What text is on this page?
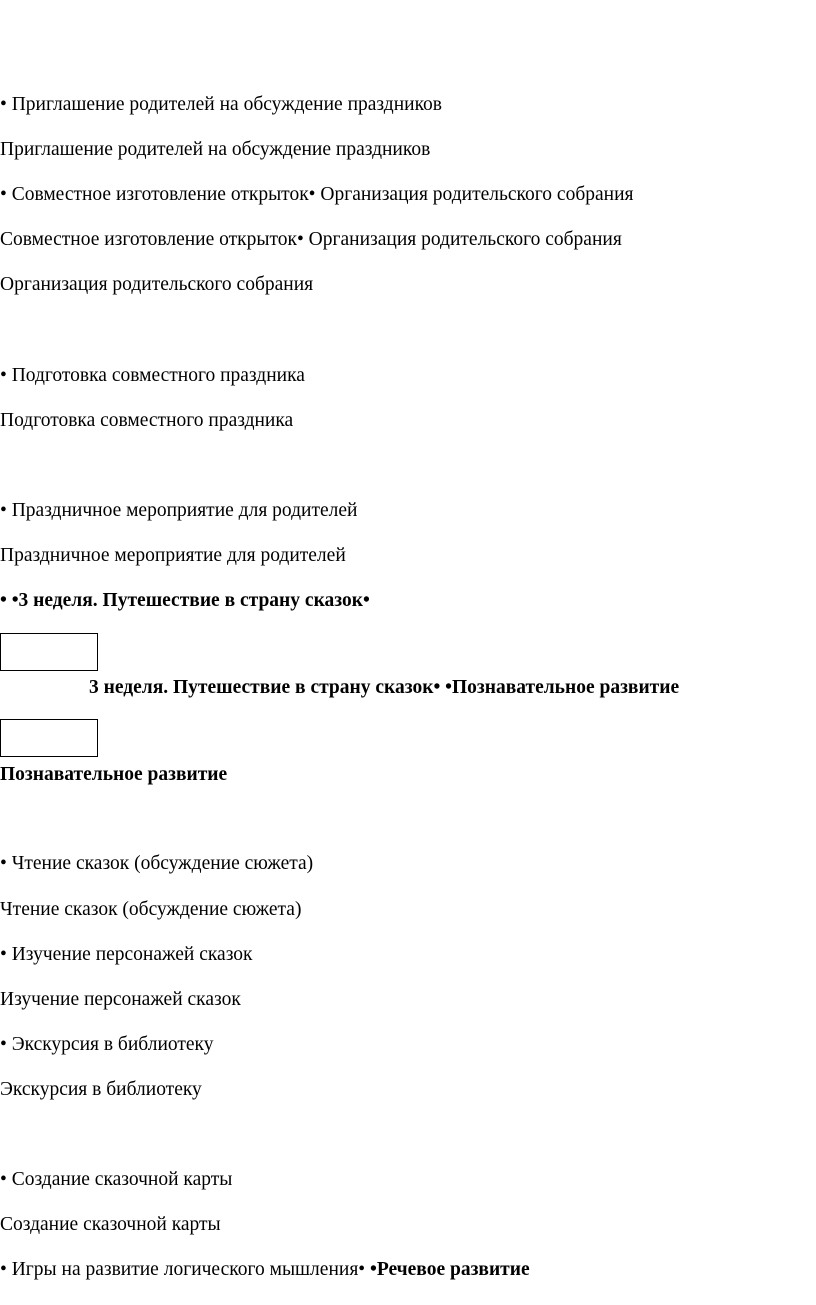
• Приглашение родителей на обсуждение праздников
Приглашение родителей на обсуждение праздников
• Совместное изготовление открыток• Организация родительского собрания
Совместное изготовление открыток• Организация родительского собрания
Организация родительского собрания
• Подготовка совместного праздника
Подготовка совместного праздника
• Праздничное мероприятие для родителей
Праздничное мероприятие для родителей
• •3 неделя. Путешествие в страну сказок•
3 неделя. Путешествие в страну сказок• •Познавательное развитие
Познавательное развитие
• Чтение сказок (обсуждение сюжета)
Чтение сказок (обсуждение сюжета)
• Изучение персонажей сказок
Изучение персонажей сказок
• Экскурсия в библиотеку
Экскурсия в библиотеку
• Создание сказочной карты
Создание сказочной карты
• Игры на развитие логического мышления• •Речевое развитие
